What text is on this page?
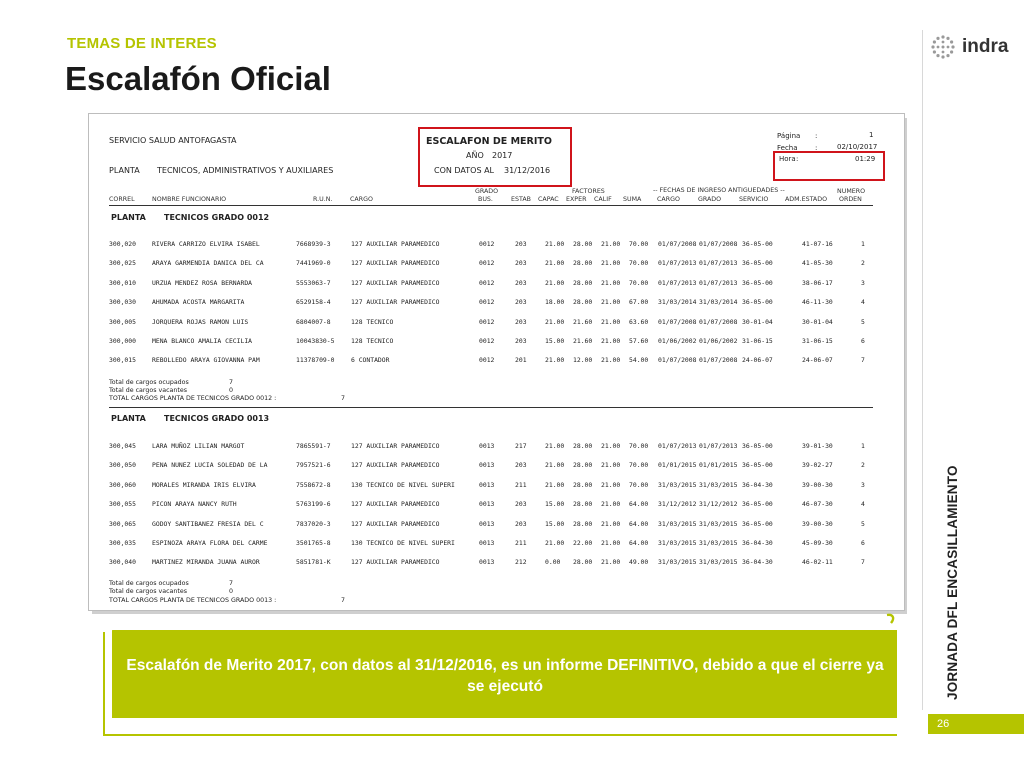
TEMAS DE INTERES
Escalafón Oficial
indra
JORNADA DFL ENCASILLAMIENTO
26
SERVICIO SALUD ANTOFAGASTA
PLANTA TECNICOS, ADMINISTRATIVOS Y AUXILIARES
ESCALAFON DE MERITO
AÑO 2017
CON DATOS AL 31/12/2016
Página :	1
Fecha :	02/10/2017
Hora :	01:29
GRADO	FACTORES	-- FECHAS DE INGRESO ANTIGUEDADES --	NUMERO
CORREL	NOMBRE FUNCIONARIO	R.U.N.	CARGO	BUS.	ESTAB CAPAC EXPER CALIF SUMA CARGO	GRADO	SERVICIO	ADM.ESTADO ORDEN
PLANTA TECNICOS GRADO 0012
300,020	RIVERA CARRIZO ELVIRA ISABEL	7668939-3	127 AUXILIAR PARAMEDICO	0012	203	21.00 28.00 21.00 70.00 01/07/2008 01/07/2008 36-05-00	41-07-16	1
300,025	ARAYA GARMENDIA DANICA DEL CA	7441969-0	127 AUXILIAR PARAMEDICO	0012	203	21.00 28.00 21.00 70.00 01/07/2013 01/07/2013 36-05-00	41-05-30	2
300,010	URZUA MENDEZ ROSA BERNARDA	5553063-7	127 AUXILIAR PARAMEDICO	0012	203	21.00 28.00 21.00 70.00 01/07/2013 01/07/2013 36-05-00	38-06-17	3
300,030	AHUMADA ACOSTA MARGARITA	6529158-4	127 AUXILIAR PARAMEDICO	0012	203	18.00 28.00 21.00 67.00 31/03/2014 31/03/2014 36-05-00	46-11-30	4
300,005	JORQUERA ROJAS RAMON LUIS	6804007-8	128 TECNICO	0012	203	21.00 21.60 21.00 63.60 01/07/2008 01/07/2008 30-01-04	30-01-04	5
300,000	MENA BLANCO AMALIA CECILIA	10043830-5	128 TECNICO	0012	203	15.00 21.60 21.00 57.60 01/06/2002 01/06/2002 31-06-15	31-06-15	6
300,015	REBOLLEDO ARAYA GIOVANNA PAM	11378709-0	6 CONTADOR	0012	201	21.00 12.00 21.00 54.00 01/07/2008 01/07/2008 24-06-07	24-06-07	7
Total de cargos ocupados	7
Total de cargos vacantes	0
TOTAL CARGOS PLANTA DE TECNICOS GRADO 0012 :	7
PLANTA TECNICOS GRADO 0013
300,045	LARA MUÑOZ LILIAN MARGOT	7865591-7	127 AUXILIAR PARAMEDICO	0013	217	21.00 28.00 21.00 70.00 01/07/2013 01/07/2013 36-05-00	39-01-30	1
300,050	PENA NUNEZ LUCIA SOLEDAD DE LA	7957521-6	127 AUXILIAR PARAMEDICO	0013	203	21.00 28.00 21.00 70.00 01/01/2015 01/01/2015 36-05-00	39-02-27	2
300,060	MORALES MIRANDA IRIS ELVIRA	7558672-8	130 TECNICO DE NIVEL SUPERI	0013	211	21.00 28.00 21.00 70.00 31/03/2015 31/03/2015 36-04-30	39-00-30	3
300,055	PICON ARAYA NANCY RUTH	5763199-6	127 AUXILIAR PARAMEDICO	0013	203	15.00 28.00 21.00 64.00 31/12/2012 31/12/2012 36-05-00	46-07-30	4
300,065	GODOY SANTIBANEZ FRESIA DEL C	7837020-3	127 AUXILIAR PARAMEDICO	0013	203	15.00 28.00 21.00 64.00 31/03/2015 31/03/2015 36-05-00	39-00-30	5
300,035	ESPINOZA ARAYA FLORA DEL CARME	3501765-8	130 TECNICO DE NIVEL SUPERI	0013	211	21.00 22.00 21.00 64.00 31/03/2015 31/03/2015 36-04-30	45-09-30	6
300,040	MARTINEZ MIRANDA JUANA AUROR	5851781-K	127 AUXILIAR PARAMEDICO	0013	212	0.00 28.00 21.00 49.00 31/03/2015 31/03/2015 36-04-30	46-02-11	7
Total de cargos ocupados	7
Total de cargos vacantes	0
TOTAL CARGOS PLANTA DE TECNICOS GRADO 0013 :	7
Escalafón de Merito 2017, con datos al 31/12/2016, es un informe DEFINITIVO, debido a que el cierre ya se ejecutó
